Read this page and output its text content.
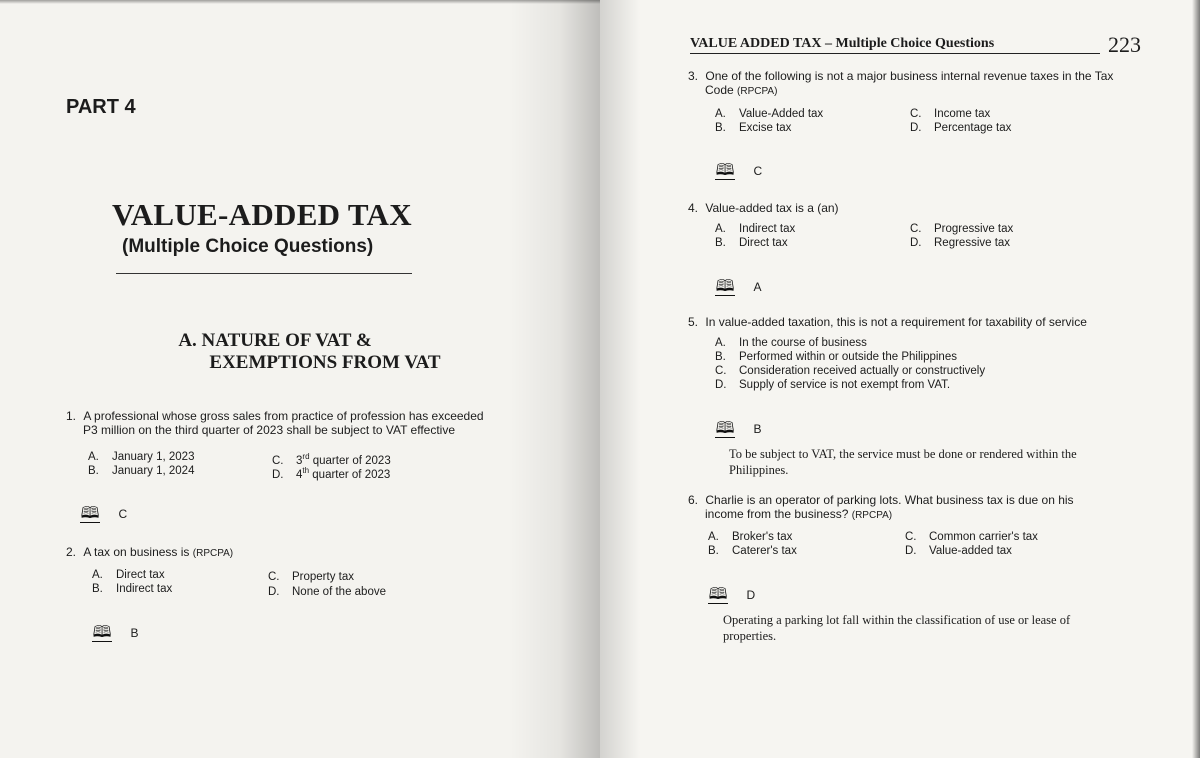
PART 4
VALUE-ADDED TAX
(Multiple Choice Questions)
A. NATURE OF VAT &
EXEMPTIONS FROM VAT
1. A professional whose gross sales from practice of profession has exceeded
P3 million on the third quarter of 2023 shall be subject to VAT effective
A. January 1, 2023
B. January 1, 2024
C. 3rd quarter of 2023
D. 4th quarter of 2023
🕮 C
2. A tax on business is (RPCPA)
A. Direct tax
B. Indirect tax
C. Property tax
D. None of the above
🕮 B
VALUE ADDED TAX – Multiple Choice Questions	223
3. One of the following is not a major business internal revenue taxes in the Tax
Code (RPCPA)
A. Value-Added tax
B. Excise tax
C. Income tax
D. Percentage tax
🕮 C
4. Value-added tax is a (an)
A. Indirect tax
B. Direct tax
C. Progressive tax
D. Regressive tax
🕮 A
5. In value-added taxation, this is not a requirement for taxability of service
A. In the course of business
B. Performed within or outside the Philippines
C. Consideration received actually or constructively
D. Supply of service is not exempt from VAT.
🕮 B
To be subject to VAT, the service must be done or rendered within the
Philippines.
6. Charlie is an operator of parking lots. What business tax is due on his
income from the business? (RPCPA)
A. Broker's tax
B. Caterer's tax
C. Common carrier's tax
D. Value-added tax
🕮 D
Operating a parking lot fall within the classification of use or lease of
properties.
